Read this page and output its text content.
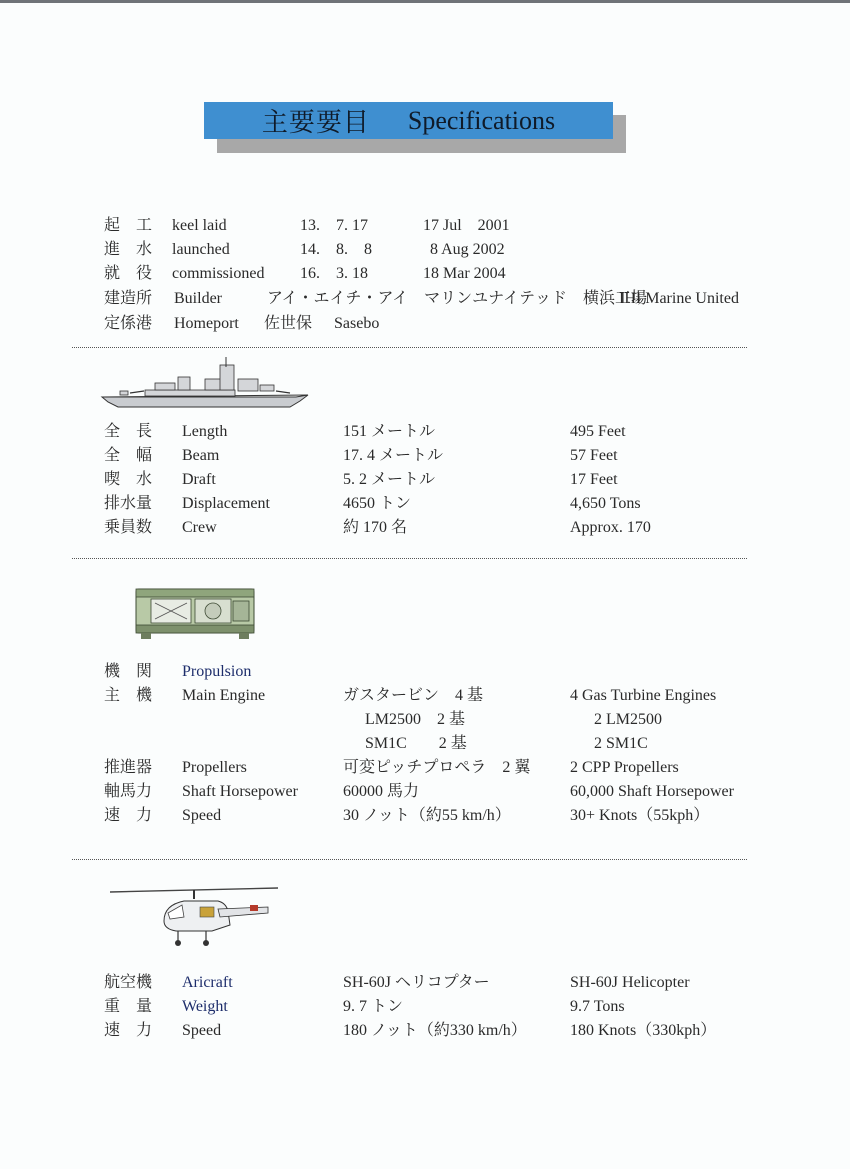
主要要目 Specifications
起　工 keel laid	13.　7. 17	17 Jul　2001
進　水 launched	14.　8.　8	8 Aug 2002
就　役 commissioned 16.　3. 18	18 Mar 2004
建造所 Builder	アイ・エイチ・アイ　マリンユナイテッド　横浜工場
IHI Marine United
定係港 Homeport 佐世保 Sasebo
全　長 Length	151 メートル	495 Feet
全　幅 Beam	17. 4 メートル	57 Feet
喫　水 Draft	5. 2 メートル	17 Feet
排水量 Displacement	4650 トン	4,650 Tons
乗員数 Crew	約 170 名	Approx. 170
機　関 Propulsion
主　機 Main Engine	ガスタービン　4 基	4 Gas Turbine Engines
LM2500　2 基	2 LM2500
SM1C　　2 基	2 SM1C
推進器 Propellers	可変ピッチプロペラ　2 翼 2 CPP Propellers
軸馬力 Shaft Horsepower	60000 馬力	60,000 Shaft Horsepower
速　力 Speed	30 ノット（約55 km/h）	30+ Knots（55kph）
航空機 Aricraft	SH-60J ヘリコプター	SH-60J Helicopter
重　量 Weight	9. 7 トン	9.7 Tons
速　力 Speed	180 ノット（約330 km/h）	180 Knots（330kph）
